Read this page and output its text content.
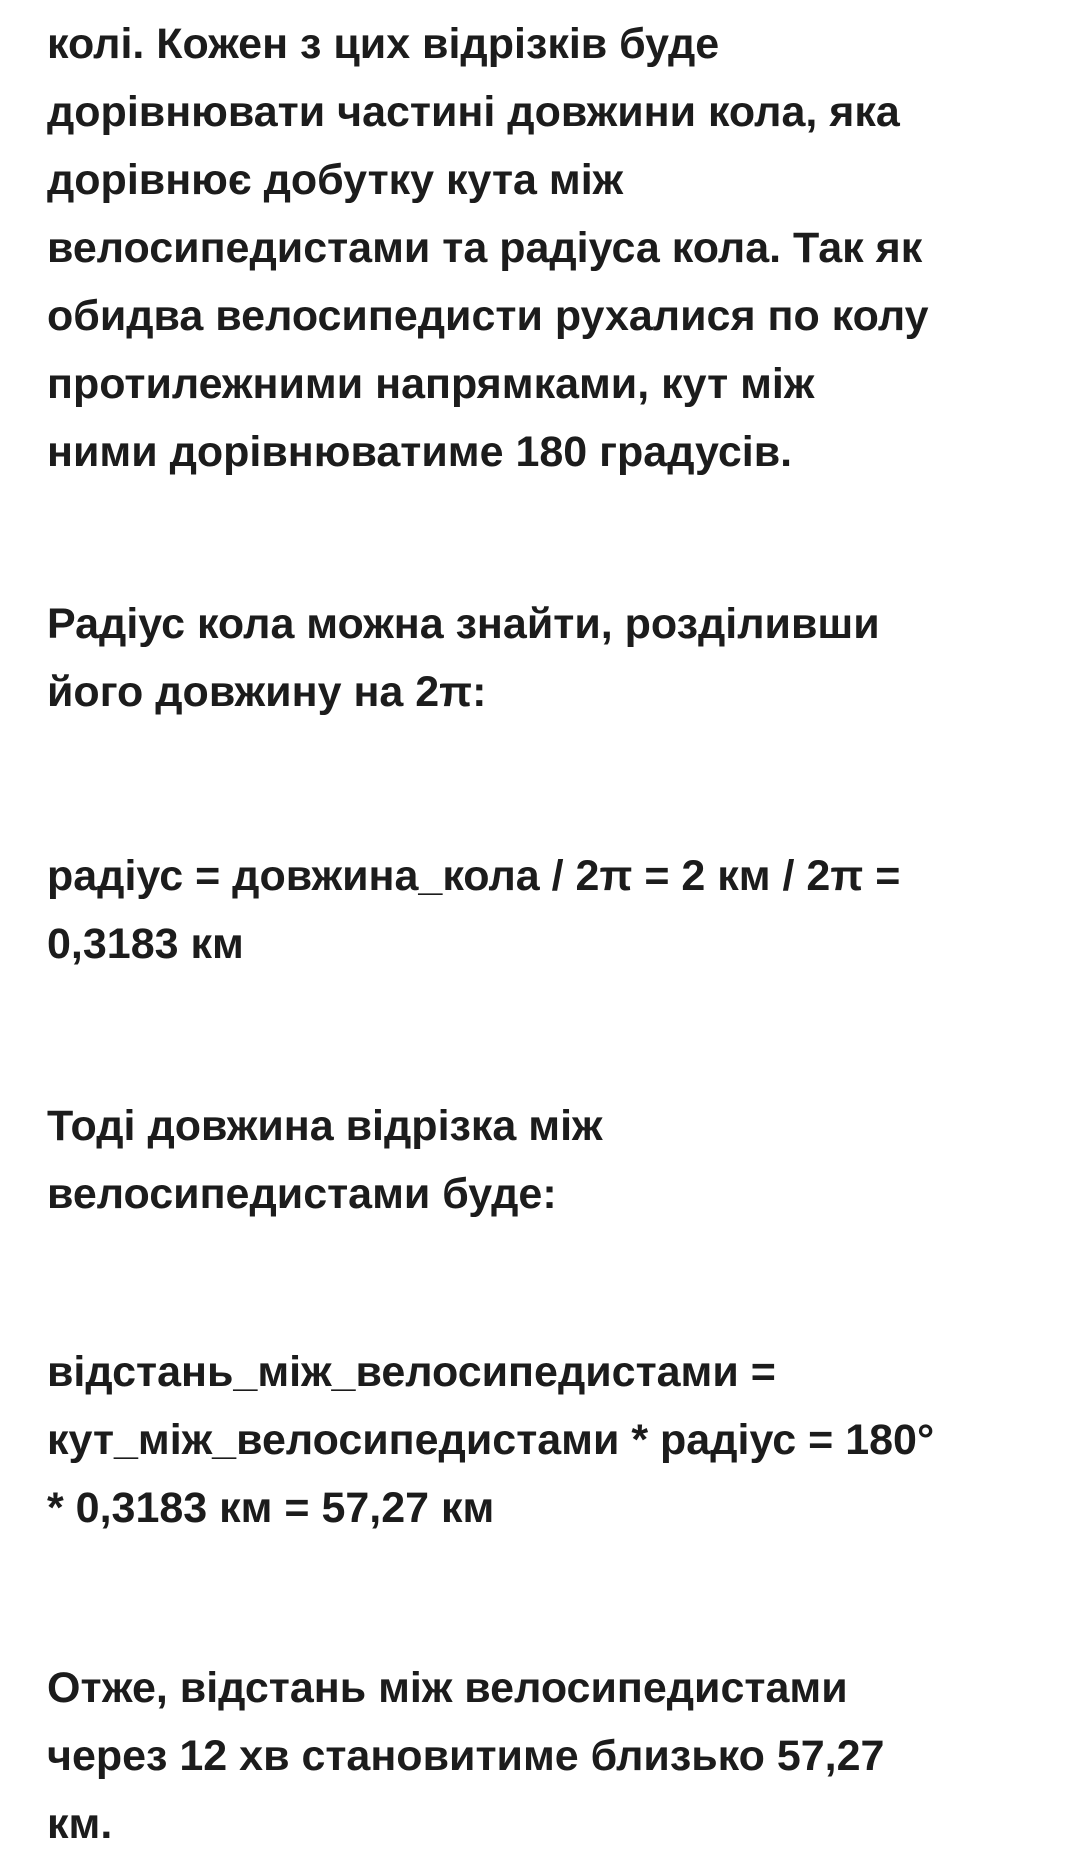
колі. Кожен з цих відрізків буде
дорівнювати частині довжини кола, яка
дорівнює добутку кута між
велосипедистами та радіуса кола. Так як
обидва велосипедисти рухалися по колу
протилежними напрямками, кут між
ними дорівнюватиме 180 градусів.

Радіус кола можна знайти, розділивши
його довжину на 2π:

радіус = довжина_кола / 2π = 2 км / 2π =
0,3183 км

Тоді довжина відрізка між
велосипедистами буде:

відстань_між_велосипедистами =
кут_між_велосипедистами * радіус = 180°
* 0,3183 км = 57,27 км

Отже, відстань між велосипедистами
через 12 хв становитиме близько 57,27
км.
